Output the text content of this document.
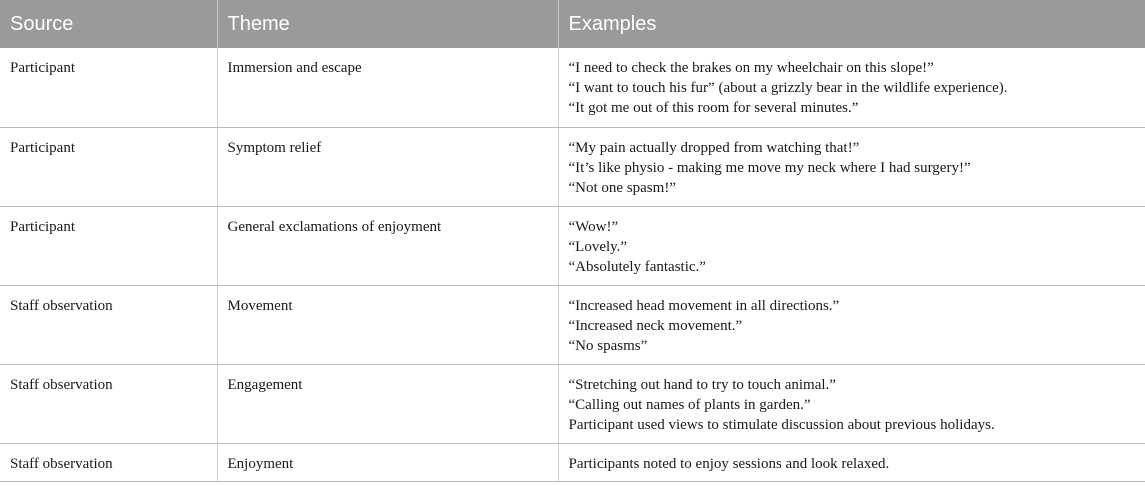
Source	Theme	Examples
Participant	Immersion and escape	“I need to check the brakes on my wheelchair on this slope!”
“I want to touch his fur” (about a grizzly bear in the wildlife experience).
“It got me out of this room for several minutes.”

Participant	Symptom relief	“My pain actually dropped from watching that!”
“It’s like physio - making me move my neck where I had surgery!”
“Not one spasm!”

Participant	General exclamations of enjoyment	“Wow!”
“Lovely.”
“Absolutely fantastic.”

Staff observation	Movement	“Increased head movement in all directions.”
“Increased neck movement.”
“No spasms”

Staff observation	Engagement	“Stretching out hand to try to touch animal.”
“Calling out names of plants in garden.”
Participant used views to stimulate discussion about previous holidays.

Staff observation	Enjoyment	Participants noted to enjoy sessions and look relaxed.
